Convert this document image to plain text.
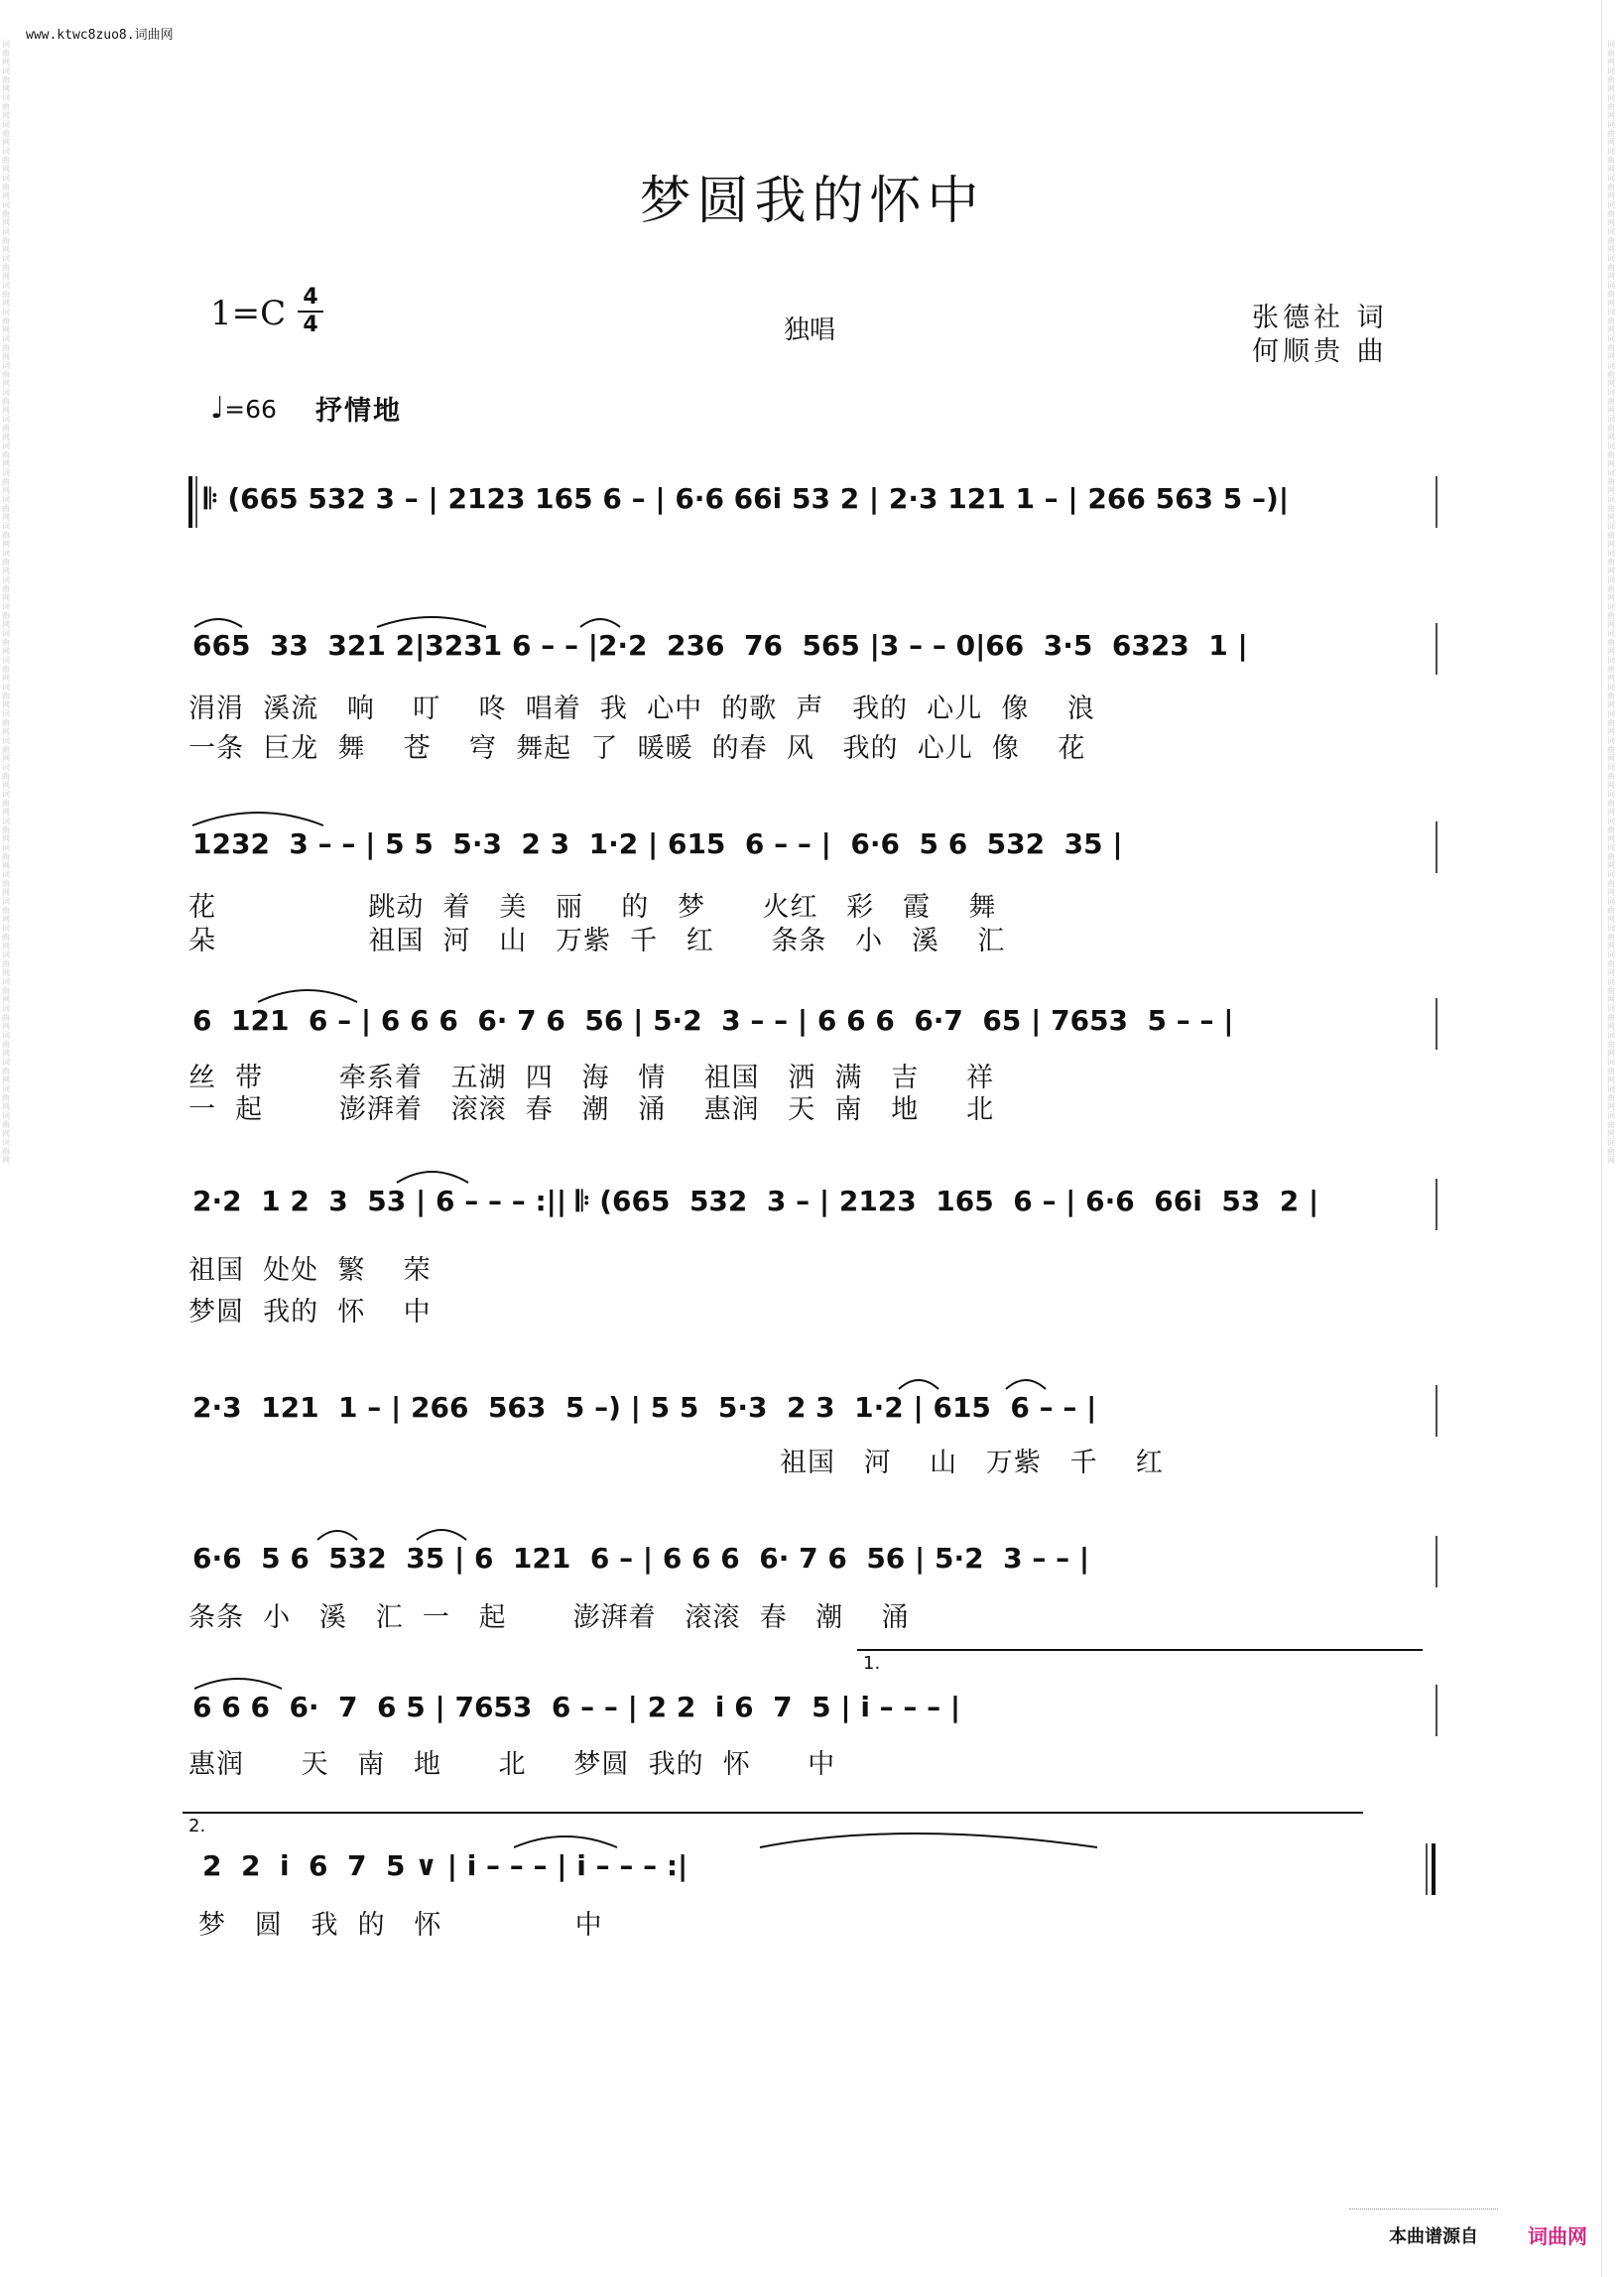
www.ktwc8zuo8.词曲网
词曲网词曲网词曲网词曲网词曲网词曲网词曲网词曲网词曲网词曲网词曲网词曲网词曲网词曲网词曲网词曲网词曲网词曲网词曲网词曲网词曲网词曲网词曲网词曲网词曲网词曲网词曲网词曲网词曲网词曲网词曲网词曲网词曲网词曲网词曲网词曲网词曲网词曲网词曲网词曲网词曲网词曲网
词曲网词曲网词曲网词曲网词曲网词曲网词曲网词曲网词曲网词曲网词曲网词曲网词曲网词曲网词曲网词曲网词曲网词曲网词曲网词曲网词曲网词曲网词曲网词曲网词曲网词曲网词曲网词曲网词曲网词曲网词曲网词曲网词曲网词曲网词曲网词曲网词曲网词曲网词曲网词曲网词曲网词曲网
梦圆我的怀中
1=C 4
4	独唱	张德社 词
何顺贵 曲
♩=66 抒情地
𝄆 (665 532 3 – | 2123 165 6 – | 6·6 66i 53 2 | 2·3 121 1 – | 266 563 5 –)|
665  33  321 2|3231 6 – – |2·2  236  76  565 |3 – – 0|66  3·5  6323  1 |
涓涓  溪流   响    叮    咚  唱着  我  心中  的歌  声   我的  心儿  像    浪
一条  巨龙  舞    苍    穹  舞起  了  暖暖  的春  风   我的  心儿  像    花
1232  3 – – | 5 5  5·3  2 3  1·2 | 615  6 – – |  6·6  5 6  532  35 |
花                跳动  着   美   丽    的   梦      火红   彩   霞    舞
朵                祖国  河   山   万紫  千   红      条条   小   溪    汇
6  121  6 – | 6 6 6  6· 7 6  56 | 5·2  3 – – | 6 6 6  6·7  65 | 7653  5 – – |
丝  带        牵系着   五湖  四   海   情    祖国   洒  满   吉     祥
一  起        澎湃着   滚滚  春   潮   涌    惠润   天  南   地     北
2·2  1 2  3  53 | 6 – – – :|| 𝄆 (665  532  3 – | 2123  165  6 – | 6·6  66i  53  2 |
祖国  处处  繁    荣
梦圆  我的  怀    中
2·3  121  1 – | 266  563  5 –) | 5 5  5·3  2 3  1·2 | 615  6 – – |
祖国   河    山   万紫   千    红
6·6  5 6  532  35 | 6  121  6 – | 6 6 6  6· 7 6  56 | 5·2  3 – – |
条条  小   溪   汇  一   起       澎湃着   滚滚  春   潮    涌
1.
6 6 6  6·  7  6 5 | 7653  6 – – | 2 2  i 6  7  5 | i – – – |
惠润      天   南   地      北     梦圆  我的  怀      中
2.
2  2  i  6  7  5 ∨ | i – – – | i – – – :|
梦   圆   我  的   怀              中
本曲谱源自	词曲网
